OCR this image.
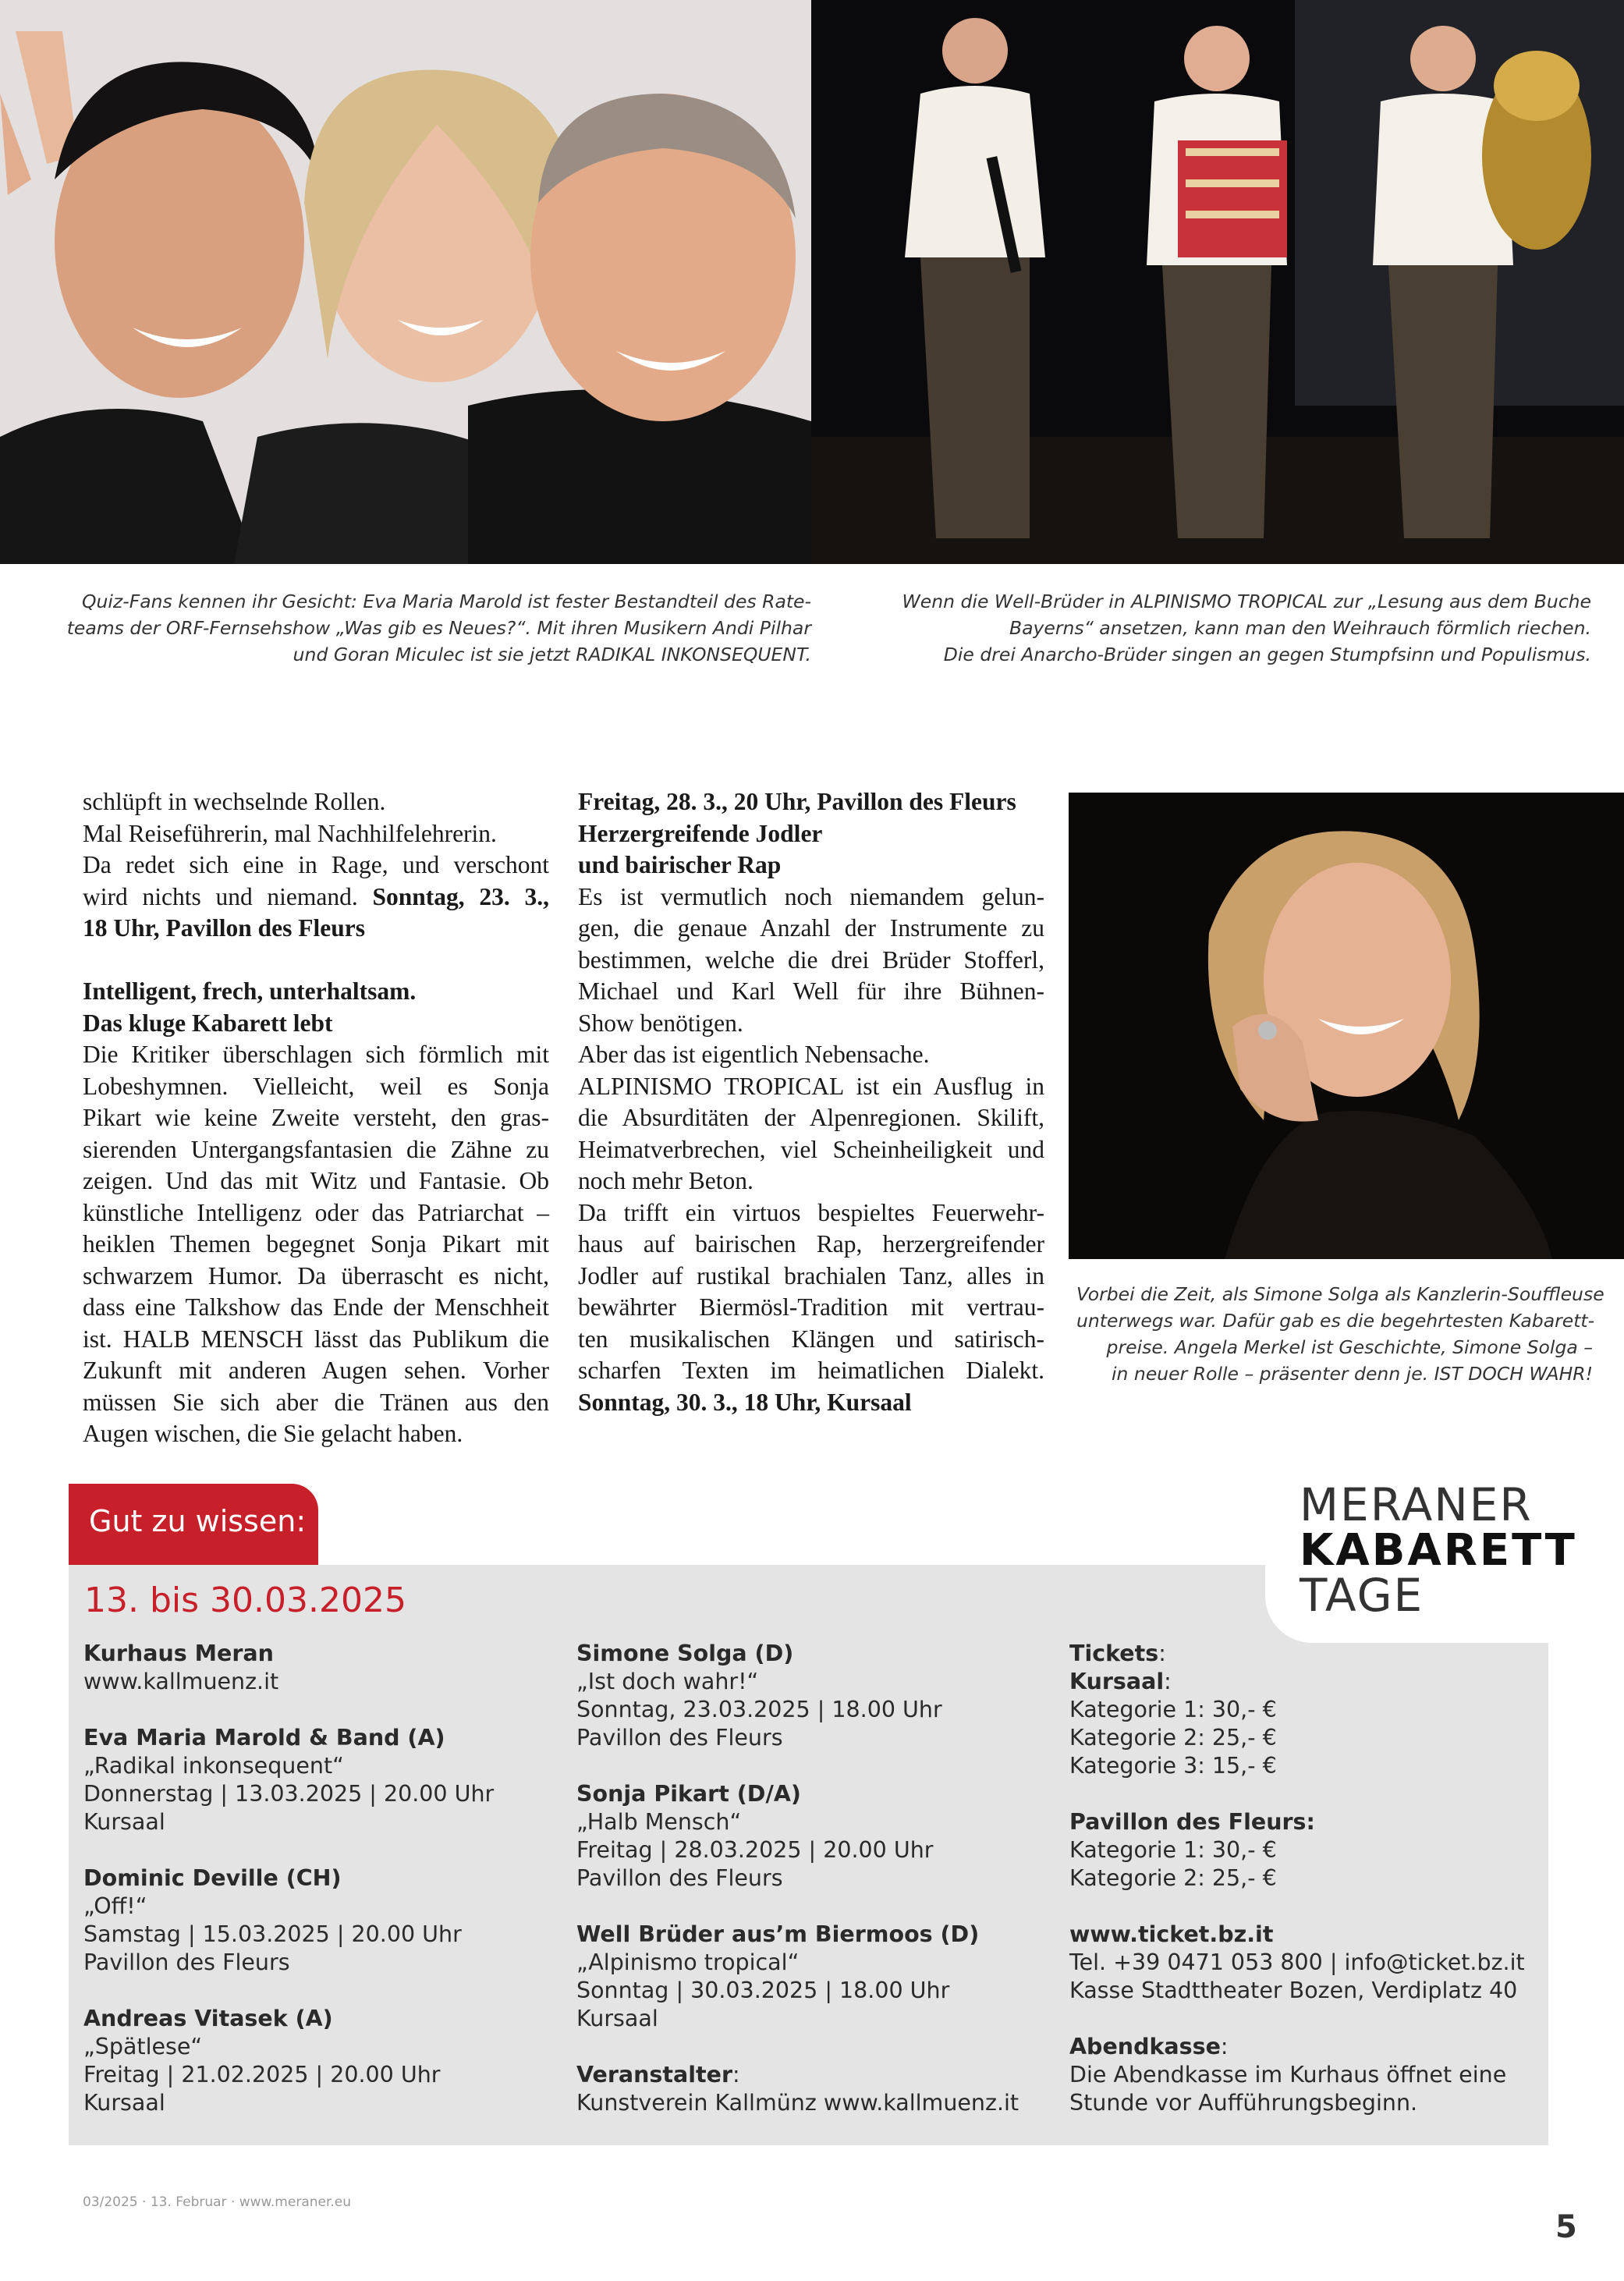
Quiz-Fans kennen ihr Gesicht: Eva Maria Marold ist fester Bestandteil des Rate-

teams der ORF-Fernsehshow „Was gib es Neues?“. Mit ihren Musikern Andi Pilhar

und Goran Miculec ist sie jetzt RADIKAL INKONSEQUENT.

Wenn die Well-Brüder in ALPINISMO TROPICAL zur „Lesung aus dem Buche

Bayerns“ ansetzen, kann man den Weihrauch förmlich riechen.

Die drei Anarcho-Brüder singen an gegen Stumpfsinn und Populismus.

schlüpft in wechselnde Rollen.

Mal Reiseführerin, mal Nachhilfelehrerin.

Da redet sich eine in Rage, und verschont

wird nichts und niemand. Sonntag, 23. 3.,

18 Uhr, Pavillon des Fleurs

Intelligent, frech, unterhaltsam.

Das kluge Kabarett lebt

Die Kritiker überschlagen sich förmlich mit

Lobeshymnen. Vielleicht, weil es Sonja

Pikart wie keine Zweite versteht, den gras-

sierenden Untergangsfantasien die Zähne zu

zeigen. Und das mit Witz und Fantasie. Ob

künstliche Intelligenz oder das Patriarchat –

heiklen Themen begegnet Sonja Pikart mit

schwarzem Humor. Da überrascht es nicht,

dass eine Talkshow das Ende der Menschheit

ist. HALB MENSCH lässt das Publikum die

Zukunft mit anderen Augen sehen. Vorher

müssen Sie sich aber die Tränen aus den

Augen wischen, die Sie gelacht haben.

Freitag, 28. 3., 20 Uhr, Pavillon des Fleurs

Herzergreifende Jodler

und bairischer Rap

Es ist vermutlich noch niemandem gelun-

gen, die genaue Anzahl der Instrumente zu

bestimmen, welche die drei Brüder Stofferl,

Michael und Karl Well für ihre Bühnen-

Show benötigen.

Aber das ist eigentlich Nebensache.

ALPINISMO TROPICAL ist ein Ausflug in

die Absurditäten der Alpenregionen. Skilift,

Heimatverbrechen, viel Scheinheiligkeit und

noch mehr Beton.

Da trifft ein virtuos bespieltes Feuerwehr-

haus auf bairischen Rap, herzergreifender

Jodler auf rustikal brachialen Tanz, alles in

bewährter Biermösl-Tradition mit vertrau-

ten musikalischen Klängen und satirisch-

scharfen Texten im heimatlichen Dialekt.

Sonntag, 30. 3., 18 Uhr, Kursaal

Vorbei die Zeit, als Simone Solga als Kanzlerin-Souffleuse

unterwegs war. Dafür gab es die begehrtesten Kabarett-

preise. Angela Merkel ist Geschichte, Simone Solga –

in neuer Rolle – präsenter denn je. IST DOCH WAHR!

Gut zu wissen:
13. bis 30.03.2025
MERANER
KABARETT
TAGE

Kurhaus Meran

www.kallmuenz.it

Eva Maria Marold & Band (A)

„Radikal inkonsequent“

Donnerstag | 13.03.2025 | 20.00 Uhr

Kursaal

Dominic Deville (CH)

„Off!“

Samstag | 15.03.2025 | 20.00 Uhr

Pavillon des Fleurs

Andreas Vitasek (A)

„Spätlese“

Freitag | 21.02.2025 | 20.00 Uhr

Kursaal

Simone Solga (D)

„Ist doch wahr!“

Sonntag, 23.03.2025 | 18.00 Uhr

Pavillon des Fleurs

Sonja Pikart (D/A)

„Halb Mensch“

Freitag | 28.03.2025 | 20.00 Uhr

Pavillon des Fleurs

Well Brüder aus’m Biermoos (D)

„Alpinismo tropical“

Sonntag | 30.03.2025 | 18.00 Uhr

Kursaal

Veranstalter:

Kunstverein Kallmünz www.kallmuenz.it

Tickets:

Kursaal:

Kategorie 1: 30,- €

Kategorie 2: 25,- €

Kategorie 3: 15,- €

Pavillon des Fleurs:

Kategorie 1: 30,- €

Kategorie 2: 25,- €

www.ticket.bz.it

Tel. +39 0471 053 800 | info@ticket.bz.it

Kasse Stadttheater Bozen, Verdiplatz 40

Abendkasse:

Die Abendkasse im Kurhaus öffnet eine

Stunde vor Aufführungsbeginn.

03/2025 · 13. Februar · www.meraner.eu
5
